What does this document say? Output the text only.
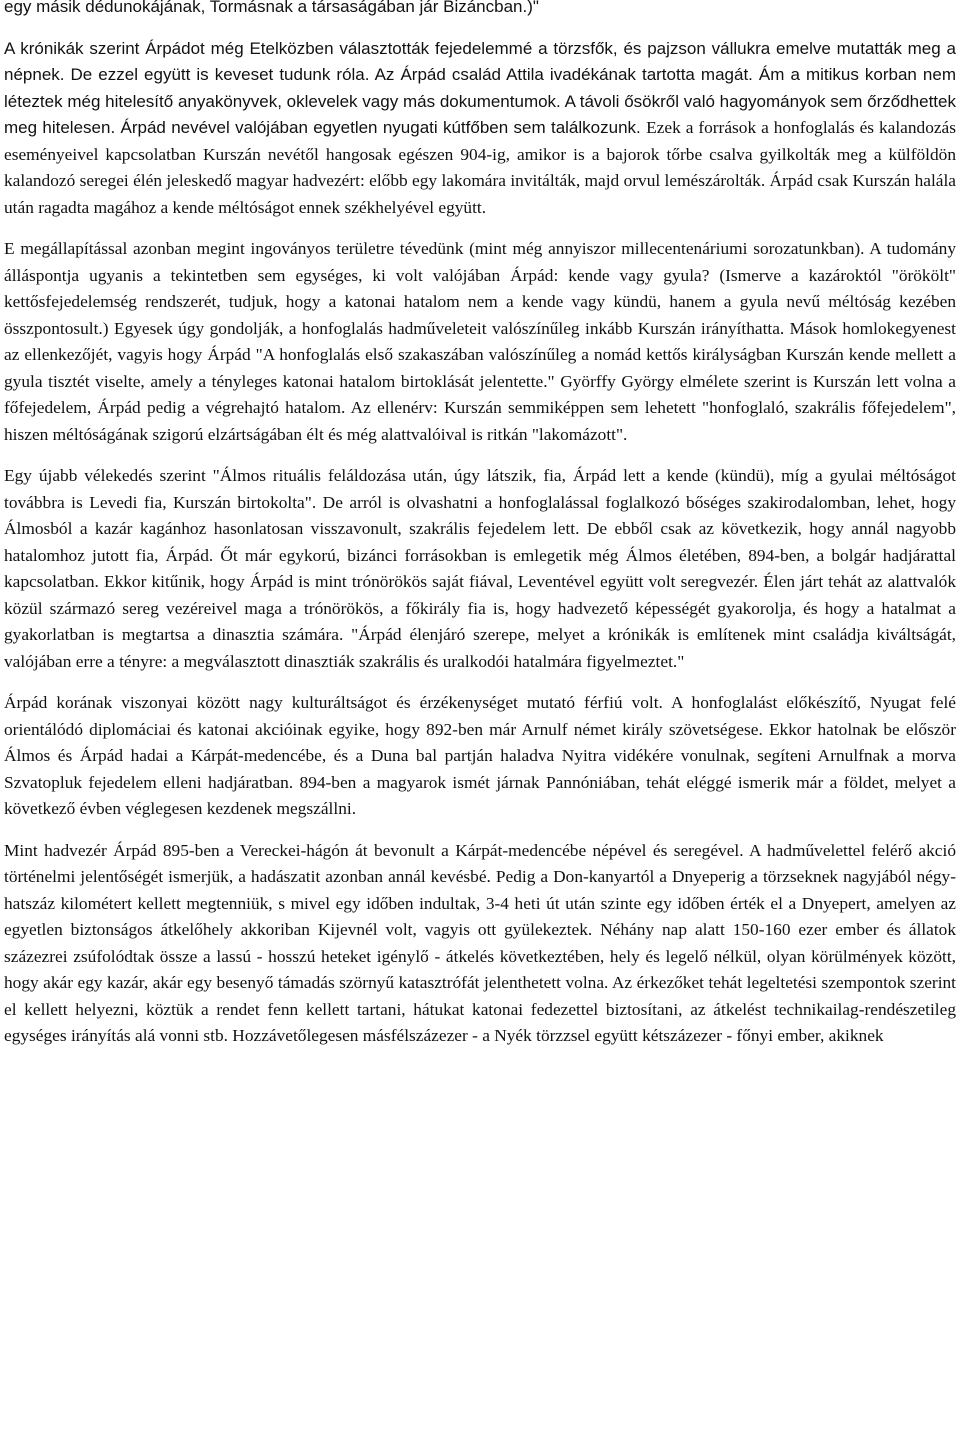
egy másik dédunokájának, Tormásnak a társaságában jár Bizáncban.)"

A krónikák szerint Árpádot még Etelközben választották fejedelemmé a törzsfők, és pajzson vállukra emelve mutatták meg a népnek. De ezzel együtt is keveset tudunk róla. Az Árpád család Attila ivadékának tartotta magát. Ám a mitikus korban nem léteztek még hitelesítő anyakönyvek, oklevelek vagy más dokumentumok. A távoli ősökről való hagyományok sem őrződhettek meg hitelesen. Árpád nevével valójában egyetlen nyugati kútfőben sem találkozunk. Ezek a források a honfoglalás és kalandozás eseményeivel kapcsolatban Kurszán nevétől hangosak egészen 904-ig, amikor is a bajorok tőrbe csalva gyilkolták meg a külföldön kalandozó seregei élén jeleskedő magyar hadvezért: előbb egy lakomára invitálták, majd orvul lemészárolták. Árpád csak Kurszán halála után ragadta magához a kende méltóságot ennek székhelyével együtt.

E megállapítással azonban megint ingoványos területre tévedünk (mint még annyiszor millecentenáriumi sorozatunkban). A tudomány álláspontja ugyanis a tekintetben sem egységes, ki volt valójában Árpád: kende vagy gyula? (Ismerve a kazároktól "örökölt" kettősfejedelemség rendszerét, tudjuk, hogy a katonai hatalom nem a kende vagy kündü, hanem a gyula nevű méltóság kezében összpontosult.) Egyesek úgy gondolják, a honfoglalás hadműveleteit valószínűleg inkább Kurszán irányíthatta. Mások homlokegyenest az ellenkezőjét, vagyis hogy Árpád "A honfoglalás első szakaszában valószínűleg a nomád kettős királyságban Kurszán kende mellett a gyula tisztét viselte, amely a tényleges katonai hatalom birtoklását jelentette." Györffy György elmélete szerint is Kurszán lett volna a főfejedelem, Árpád pedig a végrehajtó hatalom. Az ellenérv: Kurszán semmiképpen sem lehetett "honfoglaló, szakrális főfejedelem", hiszen méltóságának szigorú elzártságában élt és még alattvalóival is ritkán "lakomázott".

Egy újabb vélekedés szerint "Álmos rituális feláldozása után, úgy látszik, fia, Árpád lett a kende (kündü), míg a gyulai méltóságot továbbra is Levedi fia, Kurszán birtokolta". De arról is olvashatni a honfoglalással foglalkozó bőséges szakirodalomban, lehet, hogy Álmosból a kazár kagánhoz hasonlatosan visszavonult, szakrális fejedelem lett. De ebből csak az következik, hogy annál nagyobb hatalomhoz jutott fia, Árpád. Őt már egykorú, bizánci forrásokban is emlegetik még Álmos életében, 894-ben, a bolgár hadjárattal kapcsolatban. Ekkor kitűnik, hogy Árpád is mint trónörökös saját fiával, Leventével együtt volt seregvezér. Élen járt tehát az alattvalók közül származó sereg vezéreivel maga a trónörökös, a főkirály fia is, hogy hadvezető képességét gyakorolja, és hogy a hatalmat a gyakorlatban is megtartsa a dinasztia számára. "Árpád élenjáró szerepe, melyet a krónikák is említenek mint családja kiváltságát, valójában erre a tényre: a megválasztott dinasztiák szakrális és uralkodói hatalmára figyelmeztet."

Árpád korának viszonyai között nagy kulturáltságot és érzékenységet mutató férfiú volt. A honfoglalást előkészítő, Nyugat felé orientálódó diplomáciai és katonai akcióinak egyike, hogy 892-ben már Arnulf német király szövetségese. Ekkor hatolnak be először Álmos és Árpád hadai a Kárpát-medencébe, és a Duna bal partján haladva Nyitra vidékére vonulnak, segíteni Arnulfnak a morva Szvatopluk fejedelem elleni hadjáratban. 894-ben a magyarok ismét járnak Pannóniában, tehát eléggé ismerik már a földet, melyet a következő évben véglegesen kezdenek megszállni.

Mint hadvezér Árpád 895-ben a Vereckei-hágón át bevonult a Kárpát-medencébe népével és seregével. A hadművelettel felérő akció történelmi jelentőségét ismerjük, a hadászatit azonban annál kevésbé. Pedig a Don-kanyartól a Dnyeperig a törzseknek nagyjából négy-hatszáz kilométert kellett megtenniük, s mivel egy időben indultak, 3-4 heti út után szinte egy időben érték el a Dnyepert, amelyen az egyetlen biztonságos átkelőhely akkoriban Kijevnél volt, vagyis ott gyülekeztek. Néhány nap alatt 150-160 ezer ember és állatok százezrei zsúfolódtak össze a lassú - hosszú heteket igénylő - átkelés következtében, hely és legelő nélkül, olyan körülmények között, hogy akár egy kazár, akár egy besenyő támadás szörnyű katasztrófát jelenthetett volna. Az érkezőket tehát legeltetési szempontok szerint el kellett helyezni, köztük a rendet fenn kellett tartani, hátukat katonai fedezettel biztosítani, az átkelést technikailag-rendészetileg egységes irányítás alá vonni stb. Hozzávetőlegesen másfélszázezer - a Nyék törzzsel együtt kétszázezer - főnyi ember, akiknek
